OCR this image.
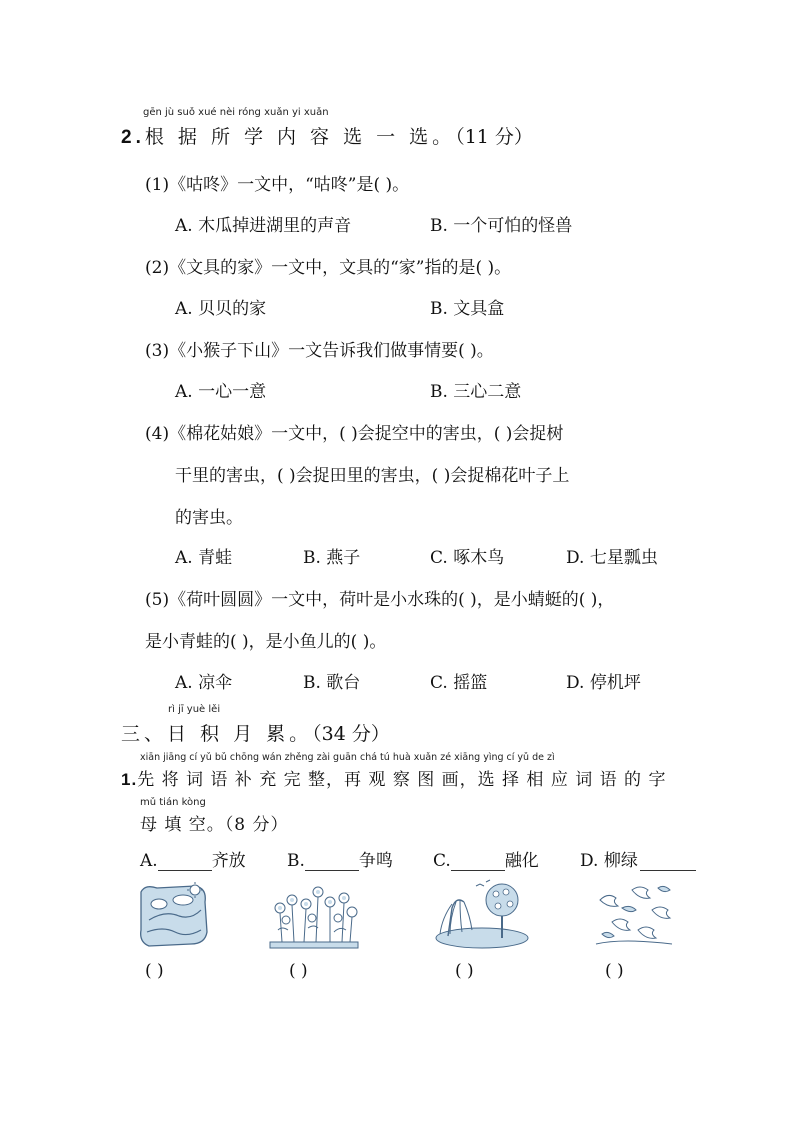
gēn jù suǒ xué nèi róng xuǎn yi xuǎn
2.根 据 所 学 内 容 选 一 选。（11 分）
(1)《咕咚》一文中，“咕咚”是( )。
A. 木瓜掉进湖里的声音	B. 一个可怕的怪兽
(2)《文具的家》一文中，文具的“家”指的是( )。
A. 贝贝的家	B. 文具盒
(3)《小猴子下山》一文告诉我们做事情要( )。
A. 一心一意	B. 三心二意
(4)《棉花姑娘》一文中，( )会捉空中的害虫，( )会捉树
干里的害虫，( )会捉田里的害虫，( )会捉棉花叶子上
的害虫。
A. 青蛙	B. 燕子	C. 啄木鸟	D. 七星瓢虫
(5)《荷叶圆圆》一文中，荷叶是小水珠的( )，是小蜻蜓的( )，
是小青蛙的( )，是小鱼儿的( )。
A. 凉伞	B. 歌台	C. 摇篮	D. 停机坪
rì jī yuè lěi
三、日 积 月 累。（34 分）
xiān jiāng cí yǔ bǔ chōng wán zhěng zài guān chá tú huà xuǎn zé xiāng yìng cí yǔ de zì
1.先 将 词 语 补 充 完 整，再 观 察 图 画，选 择 相 应 词 语 的 字
mǔ tián kòng
母 填 空。（8 分）
A.	齐放 B.	争鸣 C.	融化 D. 柳绿
( )	( )	( )	( )
